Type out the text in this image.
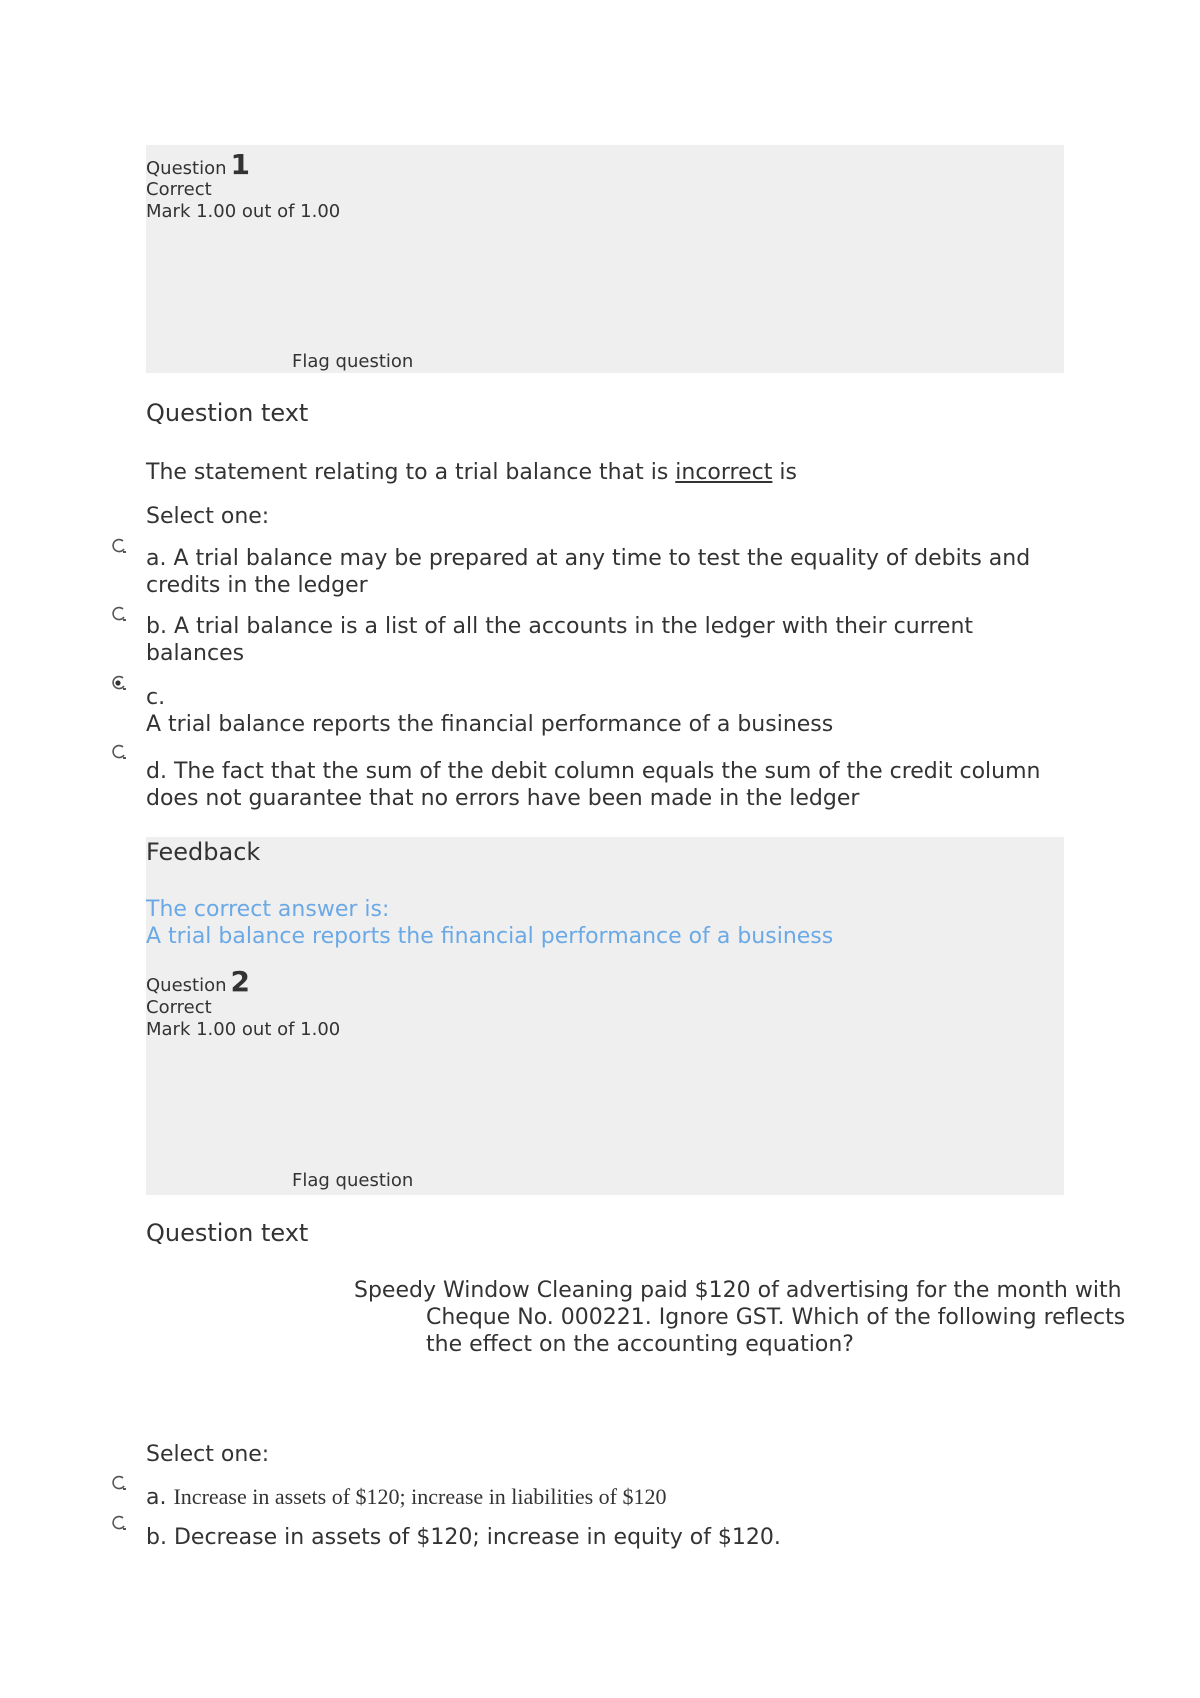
Question 1
Correct
Mark 1.00 out of 1.00
Flag question
Question text
The statement relating to a trial balance that is incorrect is
Select one:
a. A trial balance may be prepared at any time to test the equality of debits and credits in the ledger
b. A trial balance is a list of all the accounts in the ledger with their current balances
c.
A trial balance reports the financial performance of a business
d. The fact that the sum of the debit column equals the sum of the credit column does not guarantee that no errors have been made in the ledger
Feedback
The correct answer is:
A trial balance reports the financial performance of a business
Question 2
Correct
Mark 1.00 out of 1.00
Flag question
Question text
Speedy Window Cleaning paid $120 of advertising for the month with Cheque No. 000221. Ignore GST. Which of the following reflects the effect on the accounting equation?
Select one:
a. Increase in assets of $120; increase in liabilities of $120
b. Decrease in assets of $120; increase in equity of $120.
